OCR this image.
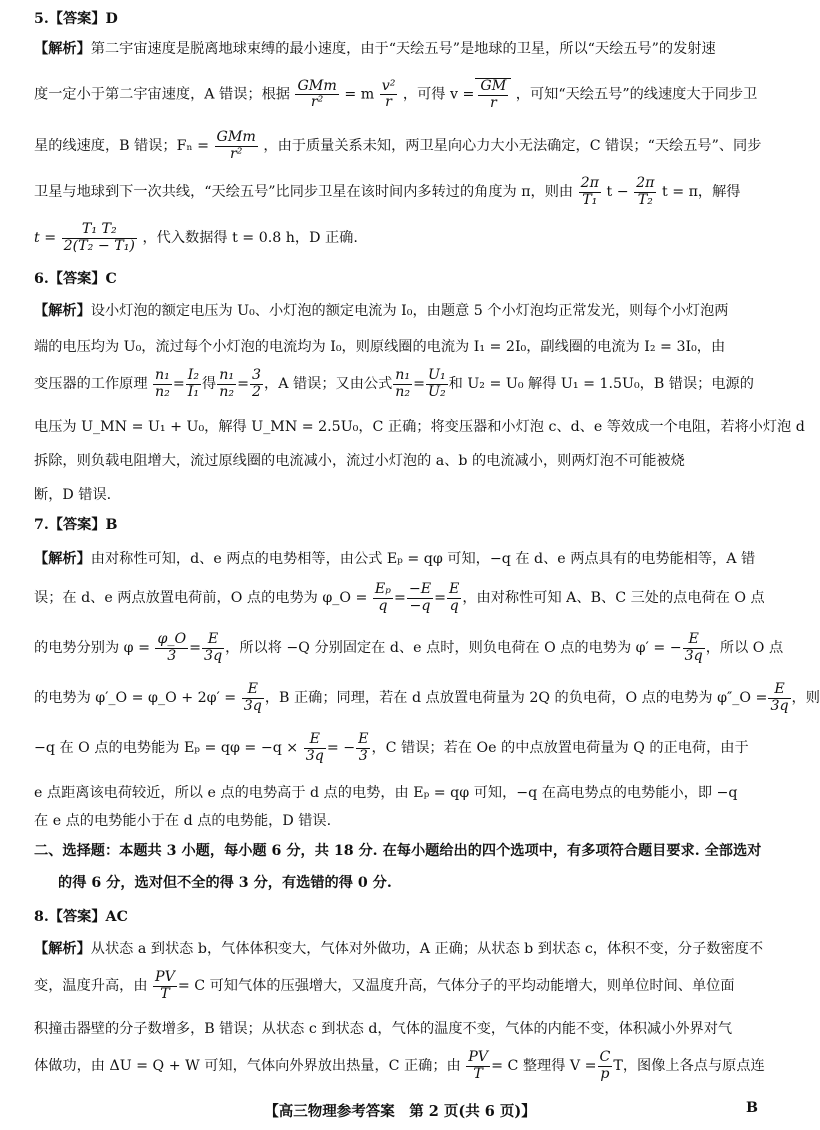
5.【答案】D
【解析】第二宇宙速度是脱离地球束缚的最小速度，由于“天绘五号”是地球的卫星，所以“天绘五号”的发射速
度一定小于第二宇宙速度，A 错误；根据 $\frac{\text{GMm}}{\text{r²}} = m \frac{\text{v²}}{r}$ ，可得 $v = \frac{GM}{r}$ ，可知“天绘五号”的线速度大于同步卫
星的线速度，B 错误；$F_n = \frac{\text{GMm}}{\text{r²}}$ ，由于质量关系未知，两卫星向心力大小无法确定，C 错误；“天绘五号”、同步
卫星与地球到下一次共线，“天绘五号”比同步卫星在该时间内多转过的角度为 π，则由 $\frac{2\pi}{\text{T₁}}$ $t - \frac{2\pi}{\text{T₂}}$ t = π，解得
$t = \frac{\text{T₁ T₂}}{\text{2(T₂ − T₁)}}$ ，代入数据得 t = 0.8 h，D 正确.
6.【答案】C
【解析】设小灯泡的额定电压为 U₀、小灯泡的额定电流为 I₀，由题意 5 个小灯泡均正常发光，则每个小灯泡两
端的电压均为 U₀，流过每个小灯泡的电流均为 I₀，则原线圈的电流为 I₁ = 2I₀，副线圈的电流为 I₂ = 3I₀，由
变压器的工作原理 $\frac{\text{n₁}}{\text{n₂}} = \frac{\text{I₂}}{\text{I₁}}$ 得 $\frac{\text{n₁}}{\text{n₂}} = \frac{3}{2}$ ，A 错误；又由公式 $\frac{\text{n₁}}{\text{n₂}} = \frac{\text{U₁}}{\text{U₂}}$ 和 U₂ = U₀ 解得 U₁ = 1.5U₀，B 错误；电源的
电压为 U_MN = U₁ + U₀，解得 U_MN = 2.5U₀，C 正确；将变压器和小灯泡 c、d、e 等效成一个电阻，若将小灯泡 d
拆除，则负载电阻增大，流过原线圈的电流减小，流过小灯泡的 a、b 的电流减小，则两灯泡不可能被烧
断，D 错误.
7.【答案】B
【解析】由对称性可知，d、e 两点的电势相等，由公式 Eₚ = qφ 可知，−q 在 d、e 两点具有的电势能相等，A 错
误；在 d、e 两点放置电荷前，O 点的电势为 φ_O = $\frac{\text{Eₚ}}{q} = \frac{-E}{-q} = \frac{E}{q}$ ，由对称性可知 A、B、C 三处的点电荷在 O 点
的电势分别为 $\varphi = \frac{\varphi\_O}{3} = \frac{E}{3q}$ ，所以将 −Q 分别固定在 d、e 点时，则负电荷在 O 点的电势为 φ′ = − $\frac{E}{3q}$ ，所以 O 点
的电势为 φ′_O = φ_O + $2\varphi' = \frac{E}{3q}$ ，B 正确；同理，若在 d 点放置电荷量为 2Q 的负电荷，O 点的电势为 φ″_O = $\frac{E}{3q}$ ，则
−q 在 O 点的电势能为 $E_p = q\varphi = -q \times \frac{E}{3q}$ = − $\frac{E}{3}$ ，C 错误；若在 Oe 的中点放置电荷量为 Q 的正电荷，由于
e 点距离该电荷较近，所以 e 点的电势高于 d 点的电势，由 Eₚ = qφ 可知，−q 在高电势点的电势能小，即 −q
在 e 点的电势能小于在 d 点的电势能，D 错误.
二、选择题：本题共 3 小题，每小题 6 分，共 18 分. 在每小题给出的四个选项中，有多项符合题目要求. 全部选对
的得 6 分，选对但不全的得 3 分，有选错的得 0 分.
8.【答案】AC
【解析】从状态 a 到状态 b，气体体积变大，气体对外做功，A 正确；从状态 b 到状态 c，体积不变，分子数密度不
变，温度升高，由 $\frac{PV}{T} = C$ 可知气体的压强增大，又温度升高，气体分子的平均动能增大，则单位时间、单位面
积撞击器壁的分子数增多，B 错误；从状态 c 到状态 d，气体的温度不变，气体的内能不变，体积减小外界对气
体做功，由 ΔU = Q + W 可知，气体向外界放出热量，C 正确；由 $\frac{PV}{T} = C$ 整理得 $V = \frac{C}{p}$ T，图像上各点与原点连
【高三物理参考答案　第 2 页(共 6 页)】	B
